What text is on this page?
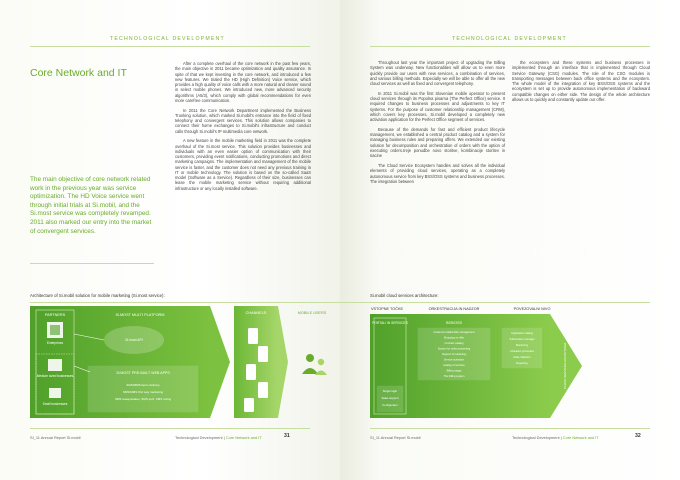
TECHNOLOGICAL DEVELOPMENT
Core Network and IT
The main objective of core network related work in the previous year was service optimization. The HD Voice service went through initial trials at Si.mobil, and the Si.most service was completely revamped. 2011 also marked our entry into the market of convergent services.

After a complete overhaul of the core network in the past few years, the main objective in 2011 became optimization and quality assurance. In spite of that we kept investing in the core network, and introduced a few new features. We trialed the HD (High Definition) Voice service, which provides a high quality of voice calls with a more natural and clearer sound in select mobile phones. We introduced new, more advanced security algorithms (A5/3), which comply with global recommendations for even more carefree communication.

In 2011 the Core Network Department implemented the Business Trunking solution, which marked Si.mobil's entrance into the field of fixed telephony and convergent services. This solution allows companies to connect their home exchanges to Si.mobil's infrastructure and conduct calls through Si.mobil's IP multimedia core network.

A new feature in the mobile marketing field in 2011 was the complete overhaul of the Si.most service. This solution provides businesses and individuals with an even easier option of communication with their customers, providing event notifications, conducting promotions and direct marketing campaigns. The implementation and management of the mobile service is faster, and the customer does not need any previous training in IT or mobile technology. The solution is based on the so-called SaaS model (Software as a Service). Regardless of their size, businesses can lease the mobile marketing service without requiring additional infrastructure or any locally installed software.

Architecture of Si.mobil solution for mobile marketing (Si.most service):
PARTNERS
Enterprises
Medium sized businesses
Small businesses
Si.MOST MULTI PLATFORM
Si.most API
Si.MOST PRE-BUILT WEB APPS
SMS/MMS items delivery
SMS/MMS first way marketing
SMS sweepstakes, SMS quiz, SMS voting
CHANNELS	MOBILE USERS
SI_11 Annual Report Si.mobil	Technological Development | Core Network and IT	31
TECHNOLOGICAL DEVELOPMENT

Throughout last year the important project of upgrading the Billing System was underway. New functionalities will allow us to even more quickly provide our users with new services, a combination of services, and various billing methods. Especially we will be able to offer all the new cloud services as well as fixed and convergent telephony.

In 2011 Si.mobil was the first Slovenian mobile operator to present cloud services through its Popolna pisarna (The Perfect Office) service. It required changes to business processes and adjustments to key IT systems. For the purpose of customer relationship management (CRM), which covers key processes, Si.mobil developed a completely new activation application for the Perfect Office segment of services.

Because of the demands for fast and efficient product lifecycle management, we established a central product catalog and a system for managing business rules and preparing offers. We extended our existing solution for decomposition and orchestration of orders with the option of executing orders.treje ponudbe novo storitve, kombinacije storitev in nacine

The Cloud Service Ecosystem handles and solves all the individual elements of providing cloud services, operating as a completely autonomous service from key BSS/OSS systems and business processes. The integration between

the ecosystem and these systems and business processes is implemented through an interface that is implemented through Cloud Service Gateway (CSG) modules. The role of the CSG modules is transporting messages between back office systems and the ecosystem. The whole model of the integration of key BSS/OSS systems and the ecosystem is set up to provide autonomous implementation of backward compatible changes on either side. The design of the whole architecture allows us to quickly and constantly update our offer.

Si.mobil cloud services architecture:
VSTOPNE TOČKE	ORKESTRACIJA IN NADZOR	POVEZOVALNI NIVO
PORTALI IN SERVICES
Single login
Sales support
Configurator
BSS/OSS
Customer relationship management
Shopping on offer
Contract catalog
System for order processing
Support of marketing
Service activation
catalog of services
Billing usage
The billing system
Application catalog
Subscription manager
Monitoring
Activation processes
Data collection
Reporting	CLOUD SERVICES ECOSYSTEM
SI_11 Annual Report Si.mobil	Technological Development | Core Network and IT	32
